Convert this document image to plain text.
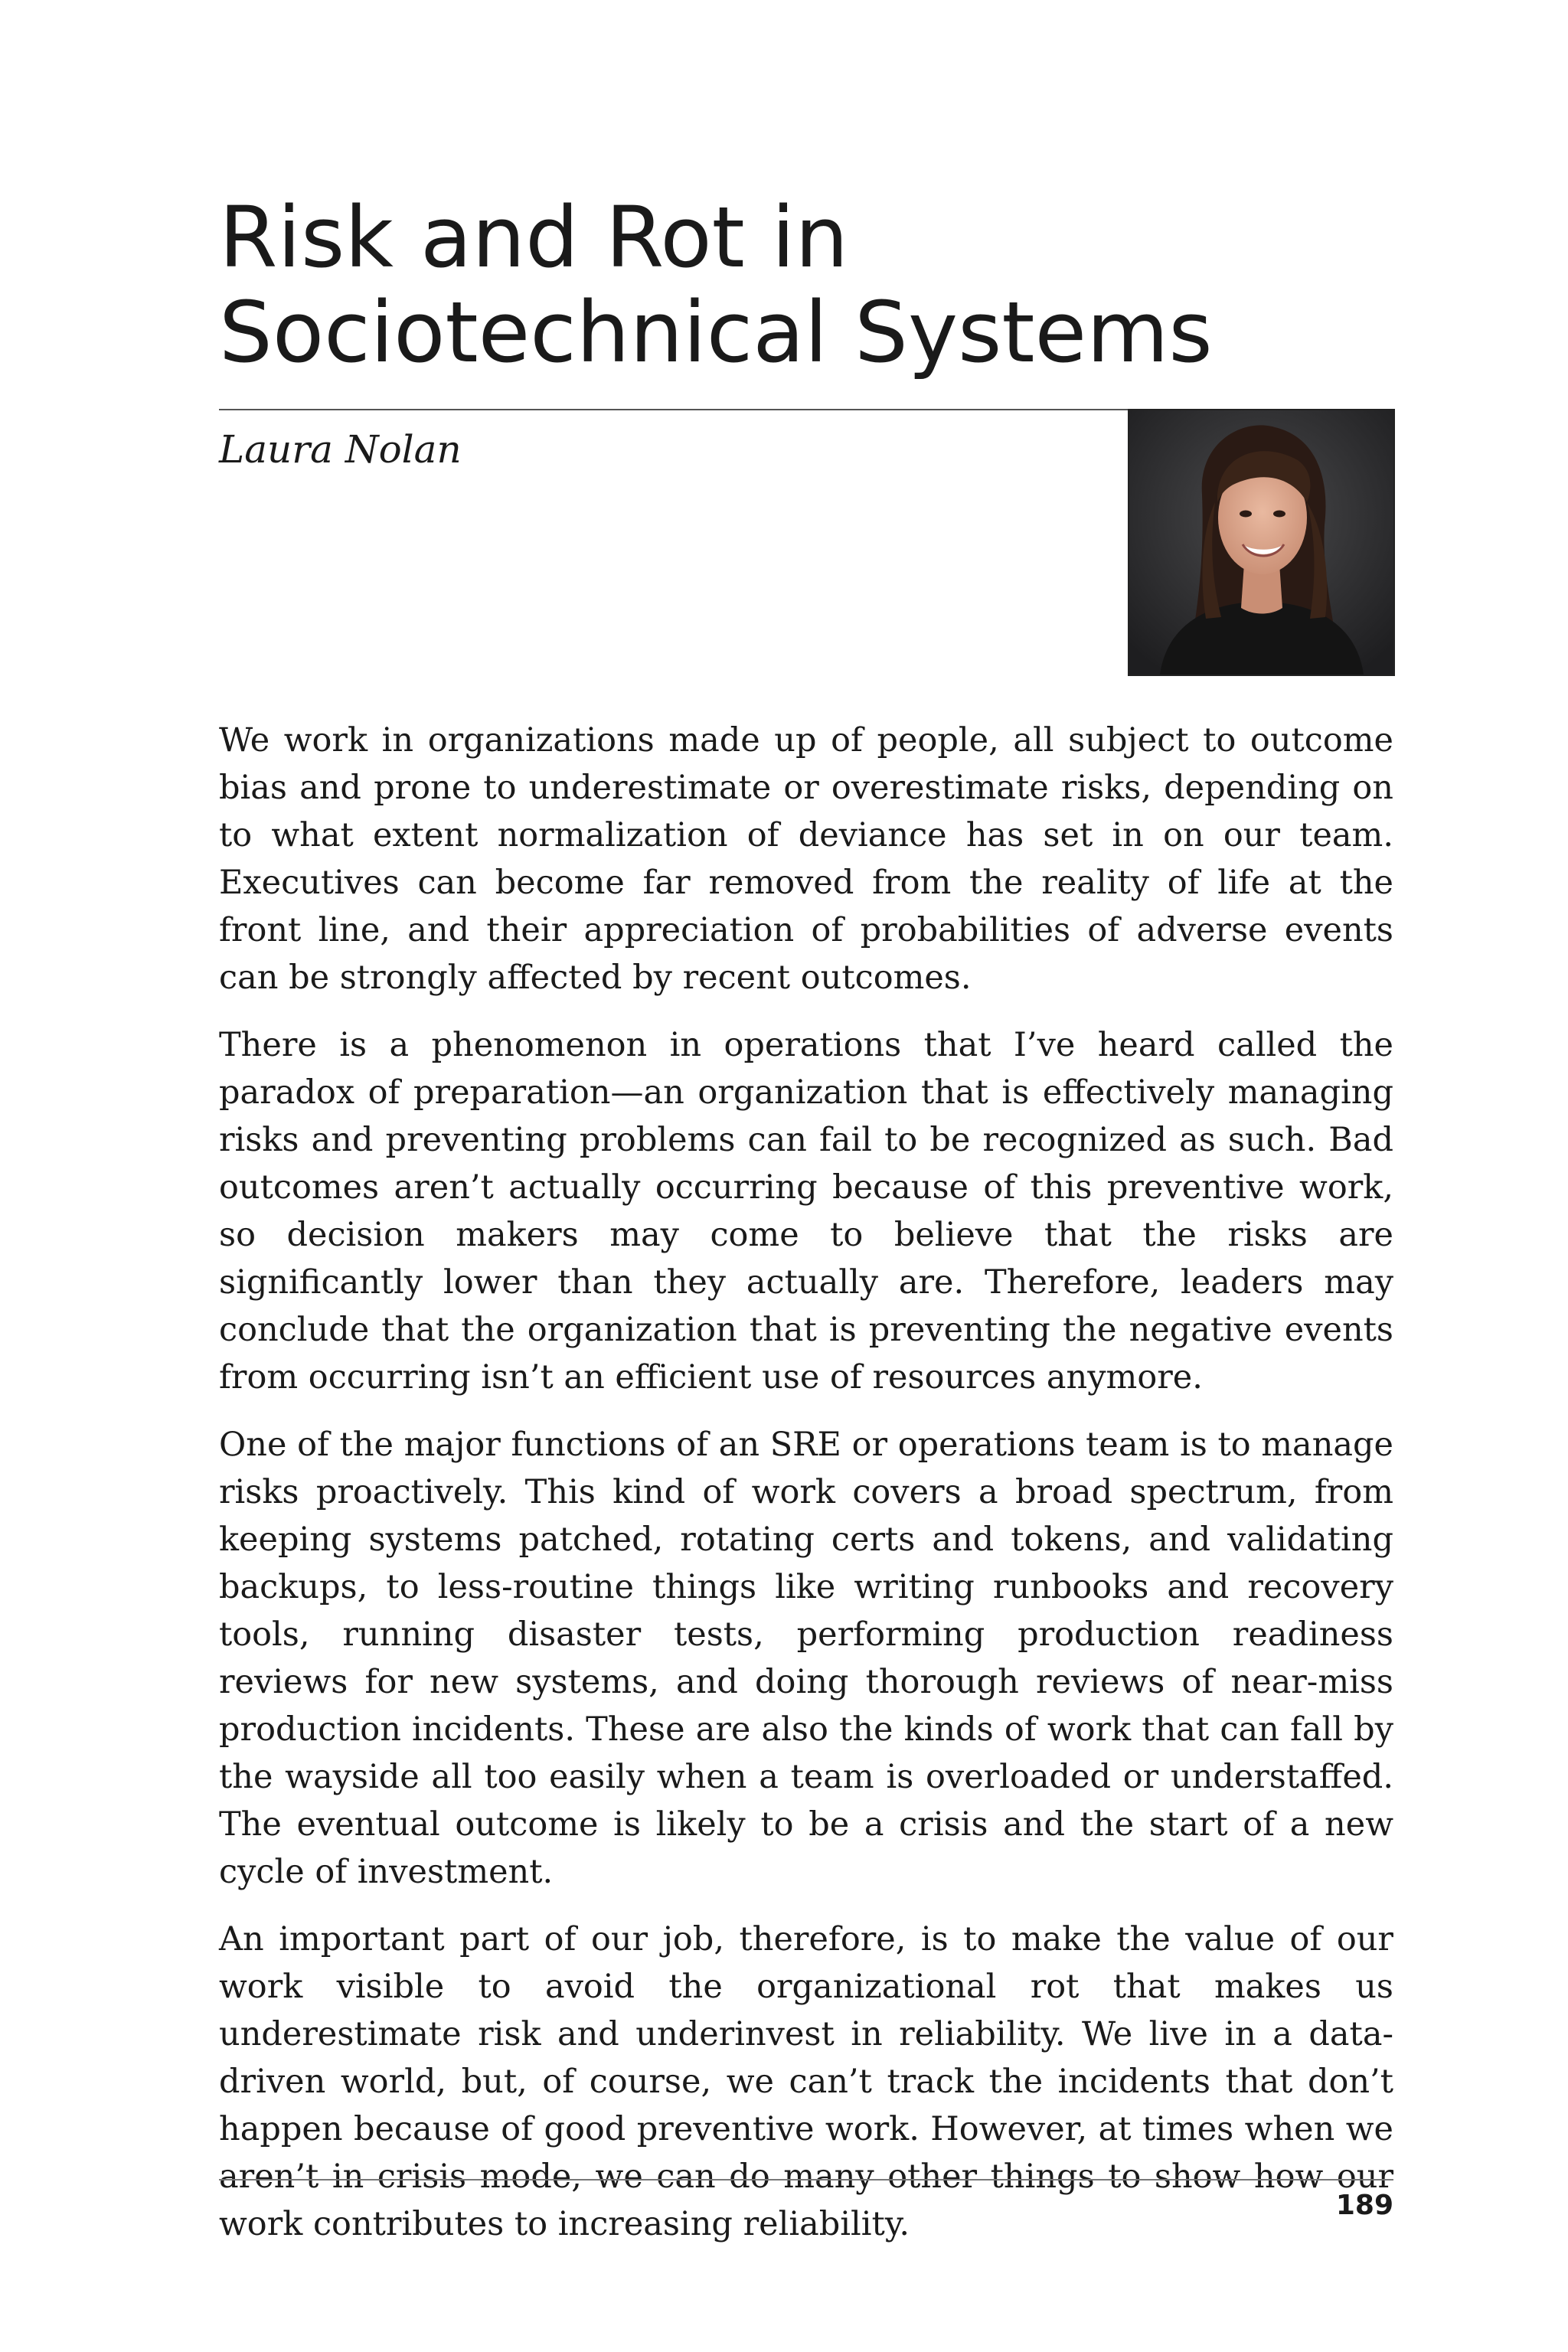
Risk and Rot in
Sociotechnical Systems

Laura Nolan

We work in organizations made up of people, all subject to outcome bias and prone to underestimate or overestimate risks, depending on to what extent normalization of deviance has set in on our team. Executives can become far removed from the reality of life at the front line, and their appreciation of probabilities of adverse events can be strongly affected by recent outcomes.

There is a phenomenon in operations that I’ve heard called the paradox of preparation—an organization that is effectively managing risks and preventing problems can fail to be recognized as such. Bad outcomes aren’t actually occurring because of this preventive work, so decision makers may come to believe that the risks are significantly lower than they actually are. Therefore, leaders may conclude that the organization that is preventing the negative events from occurring isn’t an efficient use of resources anymore.

One of the major functions of an SRE or operations team is to manage risks proactively. This kind of work covers a broad spectrum, from keeping systems patched, rotating certs and tokens, and validating backups, to less-routine things like writing runbooks and recovery tools, running disaster tests, performing production readiness reviews for new systems, and doing thorough reviews of near-miss production incidents. These are also the kinds of work that can fall by the wayside all too easily when a team is overloaded or understaffed. The eventual outcome is likely to be a crisis and the start of a new cycle of investment.

An important part of our job, therefore, is to make the value of our work visible to avoid the organizational rot that makes us underestimate risk and underinvest in reliability. We live in a data-driven world, but, of course, we can’t track the incidents that don’t happen because of good preventive work. However, at times when we aren’t in crisis mode, we can do many other things to show how our work contributes to increasing reliability.	189
